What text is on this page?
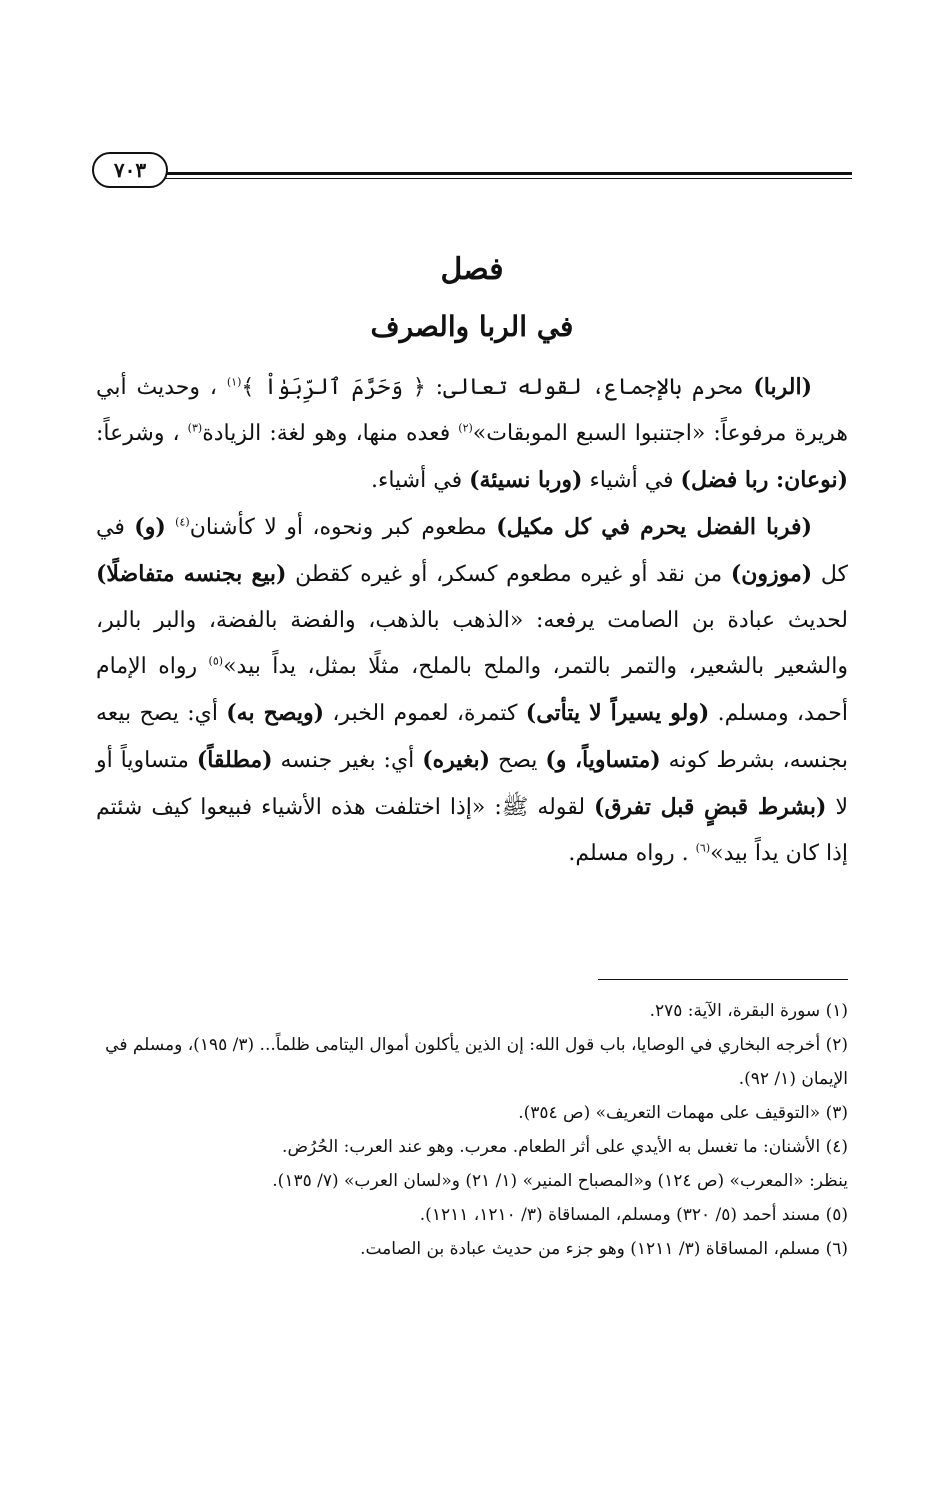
٧٠٣
فصل
في الربا والصرف

(الربا) محرم بالإجماع، لقوله تعالى: ﴿ وَحَرَّمَ ٱلرِّبَوٰاْ ﴾$^{(١)}$ ، وحديث أبي هريرة مرفوعاً: «اجتنبوا السبع الموبقات»$^{(٢)}$ فعده منها، وهو لغة: الزيادة$^{(٣)}$ ، وشرعاً: (نوعان: ربا فضل) في أشياء (وربا نسيئة) في أشياء.

(فربا الفضل يحرم في كل مكيل) مطعوم كبر ونحوه، أو لا كأشنان$^{(٤)}$ (و) في كل (موزون) من نقد أو غيره مطعوم كسكر، أو غيره كقطن (بيع بجنسه متفاضلًا) لحديث عبادة بن الصامت يرفعه: «الذهب بالذهب، والفضة بالفضة، والبر بالبر، والشعير بالشعير، والتمر بالتمر، والملح بالملح، مثلًا بمثل، يداً بيد»$^{(٥)}$ رواه الإمام أحمد، ومسلم. (ولو يسيراً لا يتأتى) كتمرة، لعموم الخبر، (ويصح به) أي: يصح بيعه بجنسه، بشرط كونه (متساوياً، و) يصح (بغيره) أي: بغير جنسه (مطلقاً) متساوياً أو لا (بشرط قبضٍ قبل تفرق) لقوله ﷺ: «إذا اختلفت هذه الأشياء فبيعوا كيف شئتم إذا كان يداً بيد»$^{(٦)}$ . رواه مسلم.

(١) سورة البقرة، الآية: ٢٧٥.
(٢) أخرجه البخاري في الوصايا، باب قول الله: إن الذين يأكلون أموال اليتامى ظلماً... (٣/ ١٩٥)، ومسلم في الإيمان (١/ ٩٢).
(٣) «التوقيف على مهمات التعريف» (ص ٣٥٤).
(٤) الأشنان: ما تغسل به الأيدي على أثر الطعام. معرب. وهو عند العرب: الحُرُض.
ينظر: «المعرب» (ص ١٢٤) و«المصباح المنير» (١/ ٢١) و«لسان العرب» (٧/ ١٣٥).
(٥) مسند أحمد (٥/ ٣٢٠) ومسلم، المساقاة (٣/ ١٢١٠، ١٢١١).
(٦) مسلم، المساقاة (٣/ ١٢١١) وهو جزء من حديث عبادة بن الصامت.
